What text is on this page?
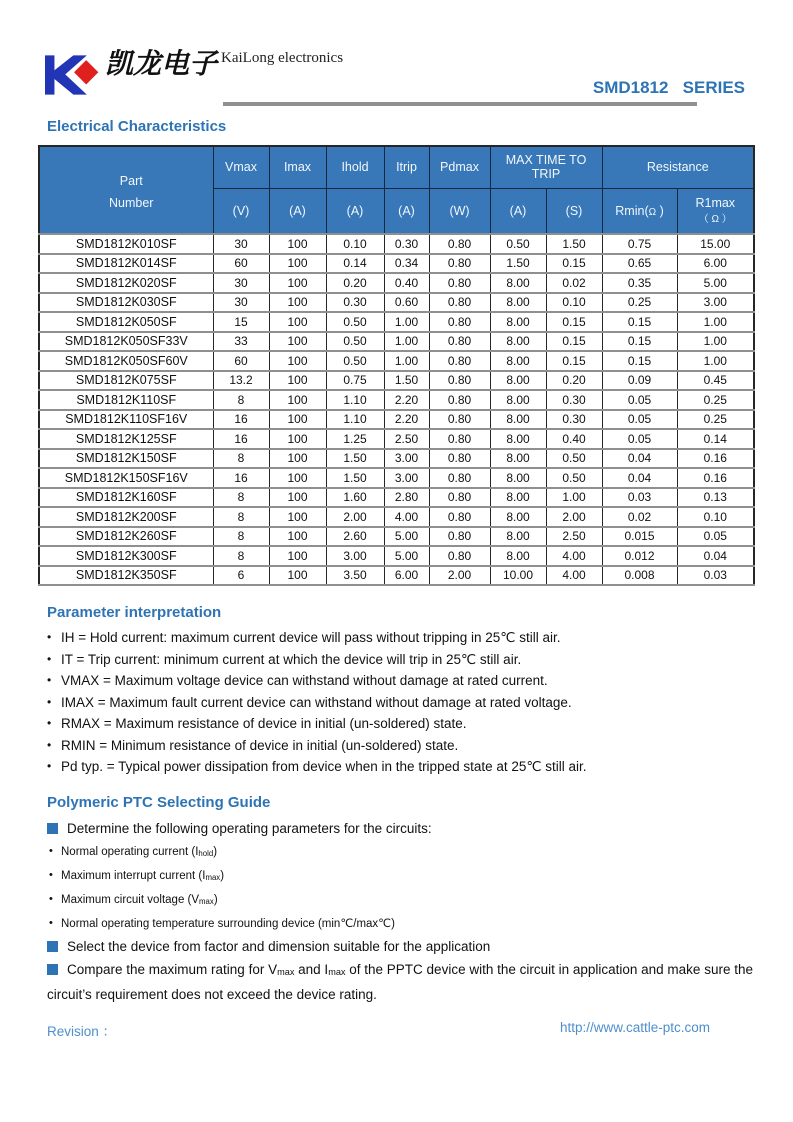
凯龙电子 KaiLong electronics
SMD1812   SERIES
Electrical Characteristics
Part
Number	Vmax	Imax	Ihold	Itrip	Pdmax	MAX TIME TO
TRIP		Resistance	
	(V)	(A)	(A)	(A)	(W)	(A)	(S)	Rmin(Ω )	R1max
（ Ω ）
SMD1812K010SF	30	100	0.10	0.30	0.80	0.50	1.50	0.75	15.00
SMD1812K014SF	60	100	0.14	0.34	0.80	1.50	0.15	0.65	6.00
SMD1812K020SF	30	100	0.20	0.40	0.80	8.00	0.02	0.35	5.00
SMD1812K030SF	30	100	0.30	0.60	0.80	8.00	0.10	0.25	3.00
SMD1812K050SF	15	100	0.50	1.00	0.80	8.00	0.15	0.15	1.00
SMD1812K050SF33V	33	100	0.50	1.00	0.80	8.00	0.15	0.15	1.00
SMD1812K050SF60V	60	100	0.50	1.00	0.80	8.00	0.15	0.15	1.00
SMD1812K075SF	13.2	100	0.75	1.50	0.80	8.00	0.20	0.09	0.45
SMD1812K110SF	8	100	1.10	2.20	0.80	8.00	0.30	0.05	0.25
SMD1812K110SF16V	16	100	1.10	2.20	0.80	8.00	0.30	0.05	0.25
SMD1812K125SF	16	100	1.25	2.50	0.80	8.00	0.40	0.05	0.14
SMD1812K150SF	8	100	1.50	3.00	0.80	8.00	0.50	0.04	0.16
SMD1812K150SF16V	16	100	1.50	3.00	0.80	8.00	0.50	0.04	0.16
SMD1812K160SF	8	100	1.60	2.80	0.80	8.00	1.00	0.03	0.13
SMD1812K200SF	8	100	2.00	4.00	0.80	8.00	2.00	0.02	0.10
SMD1812K260SF	8	100	2.60	5.00	0.80	8.00	2.50	0.015	0.05
SMD1812K300SF	8	100	3.00	5.00	0.80	8.00	4.00	0.012	0.04
SMD1812K350SF	6	100	3.50	6.00	2.00	10.00	4.00	0.008	0.03
Parameter interpretation
• IH = Hold current: maximum current device will pass without tripping in 25℃ still air.
• IT = Trip current: minimum current at which the device will trip in 25℃ still air.
• VMAX = Maximum voltage device can withstand without damage at rated current.
• IMAX = Maximum fault current device can withstand without damage at rated voltage.
• RMAX = Maximum resistance of device in initial (un-soldered) state.
• RMIN = Minimum resistance of device in initial (un-soldered) state.
• Pd typ. = Typical power dissipation from device when in the tripped state at 25℃ still air.
Polymeric PTC Selecting Guide
Determine the following operating parameters for the circuits:
• Normal operating current $(I_{hold})$
• Maximum interrupt current $(I_{max})$
• Maximum circuit voltage $(V_{max})$
• Normal operating temperature surrounding device (min℃/max℃)
Select the device from factor and dimension suitable for the application
Compare the maximum rating for $V_{max}$ and $I_{max}$ of the PPTC device with the circuit in application and make sure the circuit’s requirement does not exceed the device rating.
Revision ：	http://www.cattle-ptc.com
